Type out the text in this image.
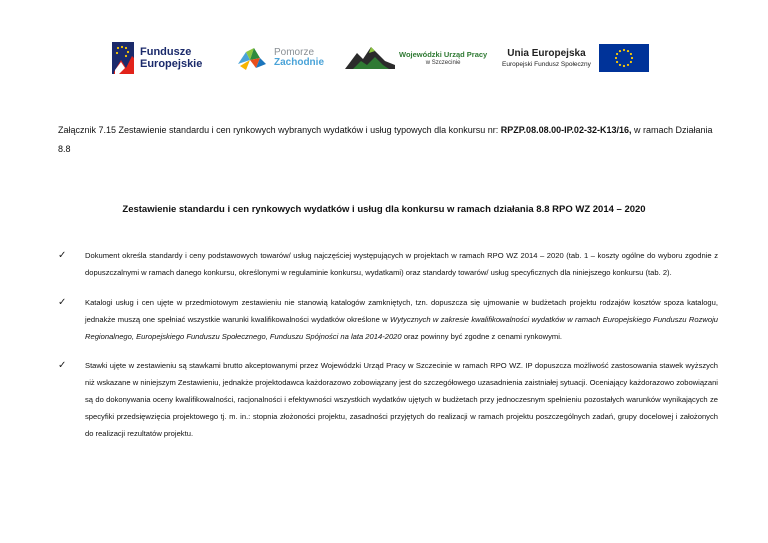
Fundusze
Europejskie
Pomorze
Zachodnie
Wojewódzki Urząd Pracy
w Szczecinie
Unia Europejska
Europejski Fundusz Społeczny
Załącznik 7.15 Zestawienie standardu i cen rynkowych wybranych wydatków i usług typowych dla konkursu nr: RPZP.08.08.00-IP.02-32-K13/16, w ramach Działania 8.8
Zestawienie standardu i cen rynkowych wydatków i usług dla konkursu w ramach działania 8.8 RPO WZ 2014 – 2020
✓ Dokument określa standardy i ceny podstawowych towarów/ usług najczęściej występujących w projektach w ramach RPO WZ 2014 – 2020 (tab. 1 – koszty ogólne do wyboru zgodnie z dopuszczalnymi w ramach danego konkursu, określonymi w regulaminie konkursu, wydatkami) oraz standardy towarów/ usług specyficznych dla niniejszego konkursu (tab. 2).

✓ Katalogi usług i cen ujęte w przedmiotowym zestawieniu nie stanowią katalogów zamkniętych, tzn. dopuszcza się ujmowanie w budżetach projektu rodzajów kosztów spoza katalogu, jednakże muszą one spełniać wszystkie warunki kwalifikowalności wydatków określone w Wytycznych w zakresie kwalifikowalności wydatków w ramach Europejskiego Funduszu Rozwoju Regionalnego, Europejskiego Funduszu Społecznego, Funduszu Spójności na lata 2014-2020 oraz powinny być zgodne z cenami rynkowymi.

✓ Stawki ujęte w zestawieniu są stawkami brutto akceptowanymi przez Wojewódzki Urząd Pracy w Szczecinie w ramach RPO WZ. IP dopuszcza możliwość zastosowania stawek wyższych niż wskazane w niniejszym Zestawieniu, jednakże projektodawca każdorazowo zobowiązany jest do szczegółowego uzasadnienia zaistniałej sytuacji. Oceniający każdorazowo zobowiązani są do dokonywania oceny kwalifikowalności, racjonalności i efektywności wszystkich wydatków ujętych w budżetach przy jednoczesnym spełnieniu pozostałych warunków wynikających ze specyfiki przedsięwzięcia projektowego tj. m. in.: stopnia złożoności projektu, zasadności przyjętych do realizacji w ramach projektu poszczególnych zadań, grupy docelowej i założonych do realizacji rezultatów projektu.
